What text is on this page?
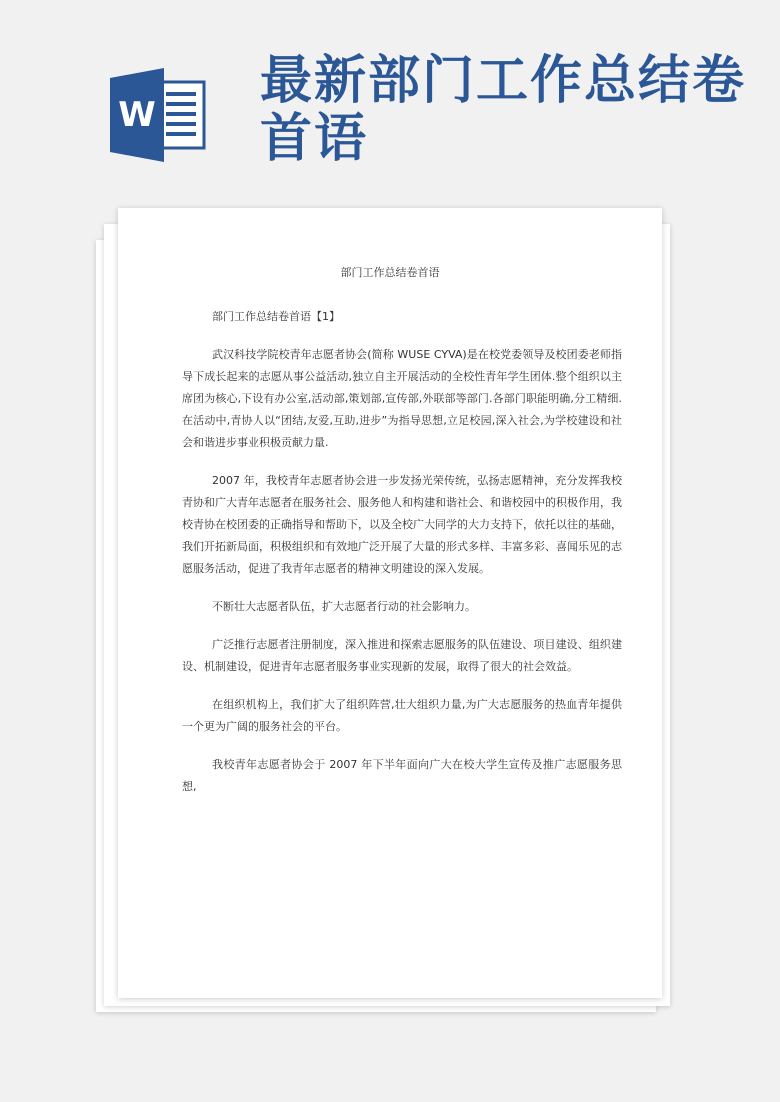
W
最新部门工作总结卷首语
部门工作总结卷首语

部门工作总结卷首语【1】

武汉科技学院校青年志愿者协会(简称 WUSE CYVA)是在校党委领导及校团委老师指导下成长起来的志愿从事公益活动,独立自主开展活动的全校性青年学生团体.整个组织以主席团为核心,下设有办公室,活动部,策划部,宣传部,外联部等部门.各部门职能明确,分工精细.在活动中,青协人以“团结,友爱,互助,进步”为指导思想,立足校园,深入社会,为学校建设和社会和谐进步事业积极贡献力量.

2007 年，我校青年志愿者协会进一步发扬光荣传统，弘扬志愿精神，充分发挥我校青协和广大青年志愿者在服务社会、服务他人和构建和谐社会、和谐校园中的积极作用，我校青协在校团委的正确指导和帮助下，以及全校广大同学的大力支持下，依托以往的基础，我们开拓新局面，积极组织和有效地广泛开展了大量的形式多样、丰富多彩、喜闻乐见的志愿服务活动，促进了我青年志愿者的精神文明建设的深入发展。

不断壮大志愿者队伍，扩大志愿者行动的社会影响力。

广泛推行志愿者注册制度，深入推进和探索志愿服务的队伍建设、项目建设、组织建设、机制建设，促进青年志愿者服务事业实现新的发展，取得了很大的社会效益。

在组织机构上，我们扩大了组织阵营,壮大组织力量,为广大志愿服务的热血青年提供一个更为广阔的服务社会的平台。

我校青年志愿者协会于 2007 年下半年面向广大在校大学生宣传及推广志愿服务思想,
